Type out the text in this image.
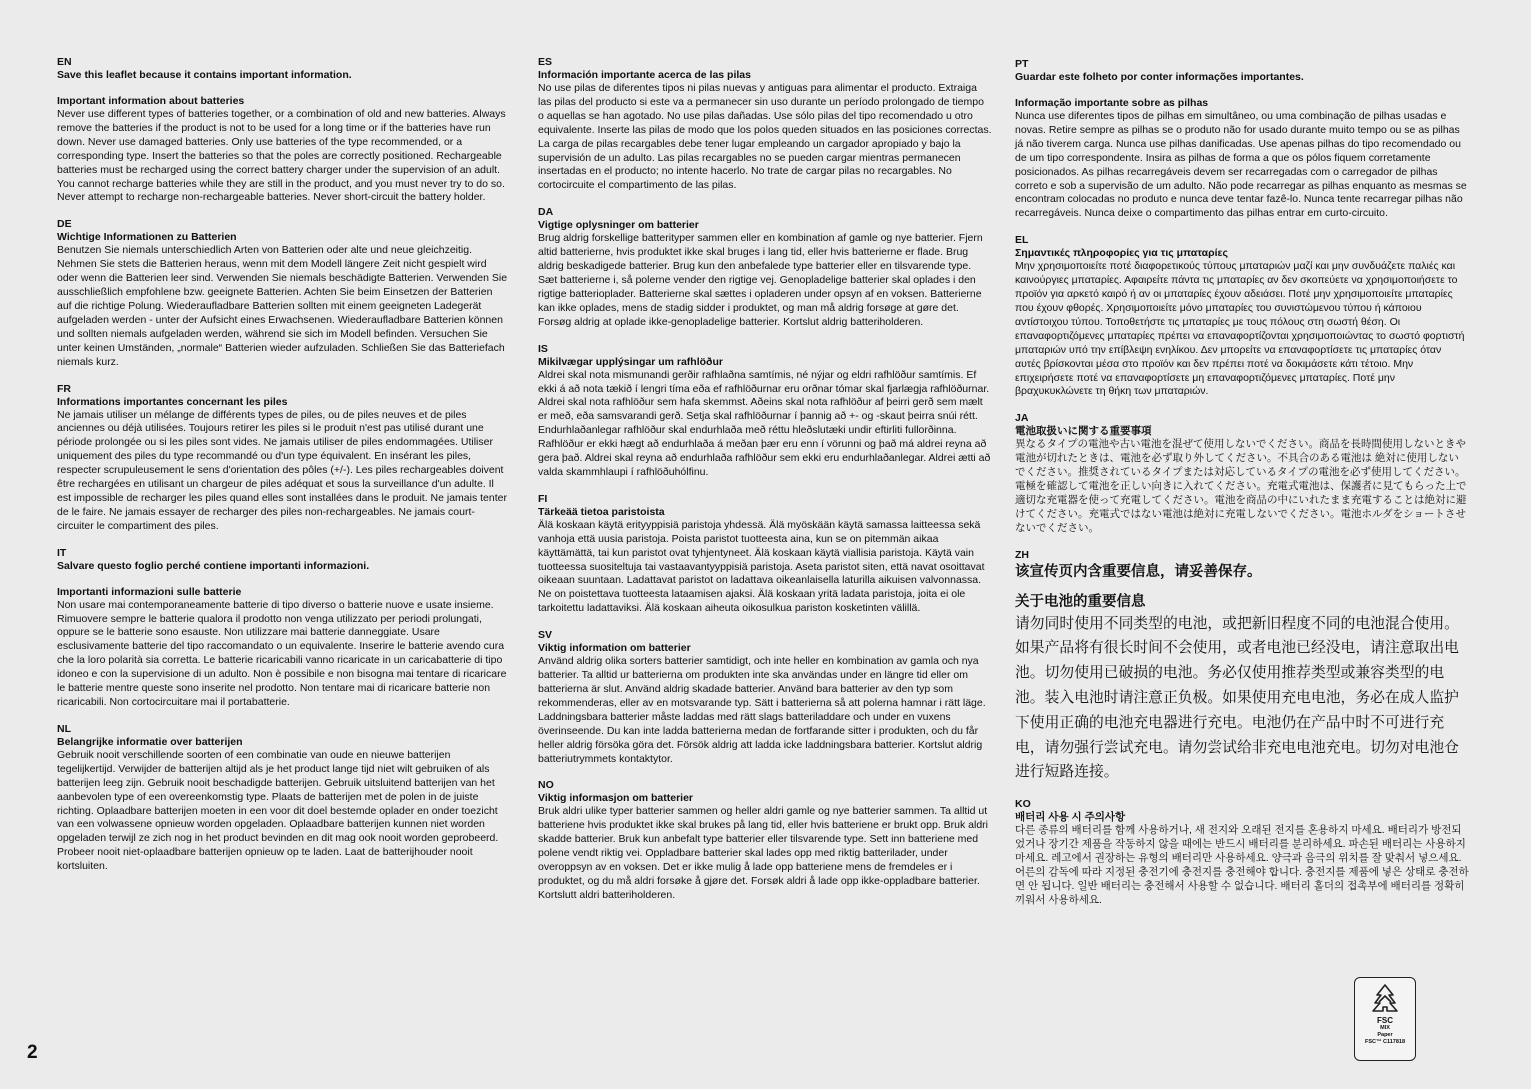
EN

Save this leaflet because it contains important information.

Important information about batteries

Never use different types of batteries together, or a combination of old and new batteries. Always remove the batteries if the product is not to be used for a long time or if the batteries have run down. Never use damaged batteries. Only use batteries of the type recommended, or a corresponding type. Insert the batteries so that the poles are correctly positioned. Rechargeable batteries must be recharged using the correct battery charger under the supervision of an adult. You cannot recharge batteries while they are still in the product, and you must never try to do so. Never attempt to recharge non-rechargeable batteries. Never short-circuit the battery holder.

DE

Wichtige Informationen zu Batterien

Benutzen Sie niemals unterschiedlich Arten von Batterien oder alte und neue gleichzeitig. Nehmen Sie stets die Batterien heraus, wenn mit dem Modell längere Zeit nicht gespielt wird oder wenn die Batterien leer sind. Verwenden Sie niemals beschädigte Batterien. Verwenden Sie ausschließlich empfohlene bzw. geeignete Batterien. Achten Sie beim Einsetzen der Batterien auf die richtige Polung. Wiederaufladbare Batterien sollten mit einem geeigneten Ladegerät aufgeladen werden - unter der Aufsicht eines Erwachsenen. Wiederaufladbare Batterien können und sollten niemals aufgeladen werden, während sie sich im Modell befinden. Versuchen Sie unter keinen Umständen, „normale“ Batterien wieder aufzuladen. Schließen Sie das Batteriefach niemals kurz.

FR

Informations importantes concernant les piles

Ne jamais utiliser un mélange de différents types de piles, ou de piles neuves et de piles anciennes ou déjà utilisées. Toujours retirer les piles si le produit n'est pas utilisé durant une période prolongée ou si les piles sont vides. Ne jamais utiliser de piles endommagées. Utiliser uniquement des piles du type recommandé ou d'un type équivalent. En insérant les piles, respecter scrupuleusement le sens d'orientation des pôles (+/-). Les piles rechargeables doivent être rechargées en utilisant un chargeur de piles adéquat et sous la surveillance d'un adulte. Il est impossible de recharger les piles quand elles sont installées dans le produit. Ne jamais tenter de le faire. Ne jamais essayer de recharger des piles non-rechargeables. Ne jamais court-circuiter le compartiment des piles.

IT

Salvare questo foglio perché contiene importanti informazioni.

Importanti informazioni sulle batterie

Non usare mai contemporaneamente batterie di tipo diverso o batterie nuove e usate insieme. Rimuovere sempre le batterie qualora il prodotto non venga utilizzato per periodi prolungati, oppure se le batterie sono esauste. Non utilizzare mai batterie danneggiate. Usare esclusivamente batterie del tipo raccomandato o un equivalente. Inserire le batterie avendo cura che la loro polarità sia corretta. Le batterie ricaricabili vanno ricaricate in un caricabatterie di tipo idoneo e con la supervisione di un adulto. Non è possibile e non bisogna mai tentare di ricaricare le batterie mentre queste sono inserite nel prodotto. Non tentare mai di ricaricare batterie non ricaricabili. Non cortocircuitare mai il portabatterie.

NL

Belangrijke informatie over batterijen

Gebruik nooit verschillende soorten of een combinatie van oude en nieuwe batterijen tegelijkertijd. Verwijder de batterijen altijd als je het product lange tijd niet wilt gebruiken of als batterijen leeg zijn. Gebruik nooit beschadigde batterijen. Gebruik uitsluitend batterijen van het aanbevolen type of een overeenkomstig type. Plaats de batterijen met de polen in de juiste richting. Oplaadbare batterijen moeten in een voor dit doel bestemde oplader en onder toezicht van een volwassene opnieuw worden opgeladen. Oplaadbare batterijen kunnen niet worden opgeladen terwijl ze zich nog in het product bevinden en dit mag ook nooit worden geprobeerd. Probeer nooit niet-oplaadbare batterijen opnieuw op te laden. Laat de batterijhouder nooit kortsluiten.

ES

Información importante acerca de las pilas

No use pilas de diferentes tipos ni pilas nuevas y antiguas para alimentar el producto. Extraiga las pilas del producto si este va a permanecer sin uso durante un período prolongado de tiempo o aquellas se han agotado. No use pilas dañadas. Use sólo pilas del tipo recomendado u otro equivalente. Inserte las pilas de modo que los polos queden situados en las posiciones correctas. La carga de pilas recargables debe tener lugar empleando un cargador apropiado y bajo la supervisión de un adulto. Las pilas recargables no se pueden cargar mientras permanecen insertadas en el producto; no intente hacerlo. No trate de cargar pilas no recargables. No cortocircuite el compartimento de las pilas.

DA

Vigtige oplysninger om batterier

Brug aldrig forskellige batterityper sammen eller en kombination af gamle og nye batterier. Fjern altid batterierne, hvis produktet ikke skal bruges i lang tid, eller hvis batterierne er flade. Brug aldrig beskadigede batterier. Brug kun den anbefalede type batterier eller en tilsvarende type. Sæt batterierne i, så polerne vender den rigtige vej. Genopladelige batterier skal oplades i den rigtige batterioplader. Batterierne skal sættes i opladeren under opsyn af en voksen. Batterierne kan ikke oplades, mens de stadig sidder i produktet, og man må aldrig forsøge at gøre det. Forsøg aldrig at oplade ikke-genopladelige batterier. Kortslut aldrig batteriholderen.

IS

Mikilvægar upplýsingar um rafhlöður

Aldrei skal nota mismunandi gerðir rafhlaðna samtímis, né nýjar og eldri rafhlöður samtímis. Ef ekki á að nota tækið í lengri tíma eða ef rafhlöðurnar eru orðnar tómar skal fjarlægja rafhlöðurnar. Aldrei skal nota rafhlöður sem hafa skemmst. Aðeins skal nota rafhlöður af þeirri gerð sem mælt er með, eða samsvarandi gerð. Setja skal rafhlöðurnar í þannig að +- og -skaut þeirra snúi rétt. Endurhlaðanlegar rafhlöður skal endurhlaða með réttu hleðslutæki undir eftirliti fullorðinna. Rafhlöður er ekki hægt að endurhlaða á meðan þær eru enn í vörunni og það má aldrei reyna að gera það. Aldrei skal reyna að endurhlaða rafhlöður sem ekki eru endurhlaðanlegar. Aldrei ætti að valda skammhlaupi í rafhlöðuhólfinu.

FI

Tärkeää tietoa paristoista

Älä koskaan käytä erityyppisiä paristoja yhdessä. Älä myöskään käytä samassa laitteessa sekä vanhoja että uusia paristoja. Poista paristot tuotteesta aina, kun se on pitemmän aikaa käyttämättä, tai kun paristot ovat tyhjentyneet. Älä koskaan käytä viallisia paristoja. Käytä vain tuotteessa suositeltuja tai vastaavantyyppisiä paristoja. Aseta paristot siten, että navat osoittavat oikeaan suuntaan. Ladattavat paristot on ladattava oikeanlaisella laturilla aikuisen valvonnassa. Ne on poistettava tuotteesta lataamisen ajaksi. Älä koskaan yritä ladata paristoja, joita ei ole tarkoitettu ladattaviksi. Älä koskaan aiheuta oikosulkua pariston kosketinten välillä.

SV

Viktig information om batterier

Använd aldrig olika sorters batterier samtidigt, och inte heller en kombination av gamla och nya batterier. Ta alltid ur batterierna om produkten inte ska användas under en längre tid eller om batterierna är slut. Använd aldrig skadade batterier. Använd bara batterier av den typ som rekommenderas, eller av en motsvarande typ. Sätt i batterierna så att polerna hamnar i rätt läge. Laddningsbara batterier måste laddas med rätt slags batteriladdare och under en vuxens överinseende. Du kan inte ladda batterierna medan de fortfarande sitter i produkten, och du får heller aldrig försöka göra det. Försök aldrig att ladda icke laddningsbara batterier. Kortslut aldrig batteriutrymmets kontaktytor.

NO

Viktig informasjon om batterier

Bruk aldri ulike typer batterier sammen og heller aldri gamle og nye batterier sammen. Ta alltid ut batteriene hvis produktet ikke skal brukes på lang tid, eller hvis batteriene er brukt opp. Bruk aldri skadde batterier. Bruk kun anbefalt type batterier eller tilsvarende type. Sett inn batteriene med polene vendt riktig vei. Oppladbare batterier skal lades opp med riktig batterilader, under overoppsyn av en voksen. Det er ikke mulig å lade opp batteriene mens de fremdeles er i produktet, og du må aldri forsøke å gjøre det. Forsøk aldri å lade opp ikke-oppladbare batterier. Kortslutt aldri batteriholderen.

PT

Guardar este folheto por conter informações importantes.

Informação importante sobre as pilhas

Nunca use diferentes tipos de pilhas em simultâneo, ou uma combinação de pilhas usadas e novas. Retire sempre as pilhas se o produto não for usado durante muito tempo ou se as pilhas já não tiverem carga. Nunca use pilhas danificadas. Use apenas pilhas do tipo recomendado ou de um tipo correspondente. Insira as pilhas de forma a que os pólos fiquem corretamente posicionados. As pilhas recarregáveis devem ser recarregadas com o carregador de pilhas correto e sob a supervisão de um adulto. Não pode recarregar as pilhas enquanto as mesmas se encontram colocadas no produto e nunca deve tentar fazê-lo. Nunca tente recarregar pilhas não recarregáveis. Nunca deixe o compartimento das pilhas entrar em curto-circuito.

EL

Σημαντικές πληροφορίες για τις μπαταρίες

Μην χρησιμοποιείτε ποτέ διαφορετικούς τύπους μπαταριών μαζί και μην συνδυάζετε παλιές και καινούργιες μπαταρίες. Αφαιρείτε πάντα τις μπαταρίες αν δεν σκοπεύετε να χρησιμοποιήσετε το προϊόν για αρκετό καιρό ή αν οι μπαταρίες έχουν αδειάσει. Ποτέ μην χρησιμοποιείτε μπαταρίες που έχουν φθορές. Χρησιμοποιείτε μόνο μπαταρίες του συνιστώμενου τύπου ή κάποιου αντίστοιχου τύπου. Τοποθετήστε τις μπαταρίες με τους πόλους στη σωστή θέση. Οι επαναφορτιζόμενες μπαταρίες πρέπει να επαναφορτίζονται χρησιμοποιώντας το σωστό φορτιστή μπαταριών υπό την επίβλεψη ενηλίκου. Δεν μπορείτε να επαναφορτίσετε τις μπαταρίες όταν αυτές βρίσκονται μέσα στο προϊόν και δεν πρέπει ποτέ να δοκιμάσετε κάτι τέτοιο. Μην επιχειρήσετε ποτέ να επαναφορτίσετε μη επαναφορτιζόμενες μπαταρίες. Ποτέ μην βραχυκυκλώνετε τη θήκη των μπαταριών.

JA

電池取扱いに関する重要事項

異なるタイプの電池や古い電池を混ぜて使用しないでください。商品を長時間使用しないときや電池が切れたときは、電池を必ず取り外してください。不具合のある電池は 絶対に使用しないでください。推奨されているタイプまたは対応しているタイプの電池を必ず使用してください。電極を確認して電池を正しい向きに入れてください。充電式電池は、保護者に見てもらった上で適切な充電器を使って充電してください。電池を商品の中にいれたまま充電することは絶対に避けてください。充電式ではない電池は絶対に充電しないでください。電池ホルダをショートさせないでください。

ZH

该宣传页内含重要信息，请妥善保存。

关于电池的重要信息

请勿同时使用不同类型的电池，或把新旧程度不同的电池混合使用。如果产品将有很长时间不会使用，或者电池已经没电，请注意取出电池。切勿使用已破损的电池。务必仅使用推荐类型或兼容类型的电池。装入电池时请注意正负极。如果使用充电电池，务必在成人监护下使用正确的电池充电器进行充电。电池仍在产品中时不可进行充电，请勿强行尝试充电。请勿尝试给非充电电池充电。切勿对电池仓进行短路连接。

KO

배터리 사용 시 주의사항

다른 종류의 배터리를 함께 사용하거나, 새 전지와 오래된 전지를 혼용하지 마세요. 배터리가 방전되었거나 장기간 제품을 작동하지 않을 때에는 반드시 배터리를 분리하세요. 파손된 배터리는 사용하지 마세요. 레고에서 권장하는 유형의 배터리만 사용하세요. 양극과 음극의 위치를 잘 맞춰서 넣으세요. 어른의 감독에 따라 지정된 충전기에 충전지를 충전해야 합니다. 충전지를 제품에 넣은 상태로 충전하면 안 됩니다. 일반 배터리는 충전해서 사용할 수 없습니다. 배터리 홀더의 접촉부에 배터리를 정확히 끼워서 사용하세요.

2
FSC
MIX
Paper
FSC™ C117818
